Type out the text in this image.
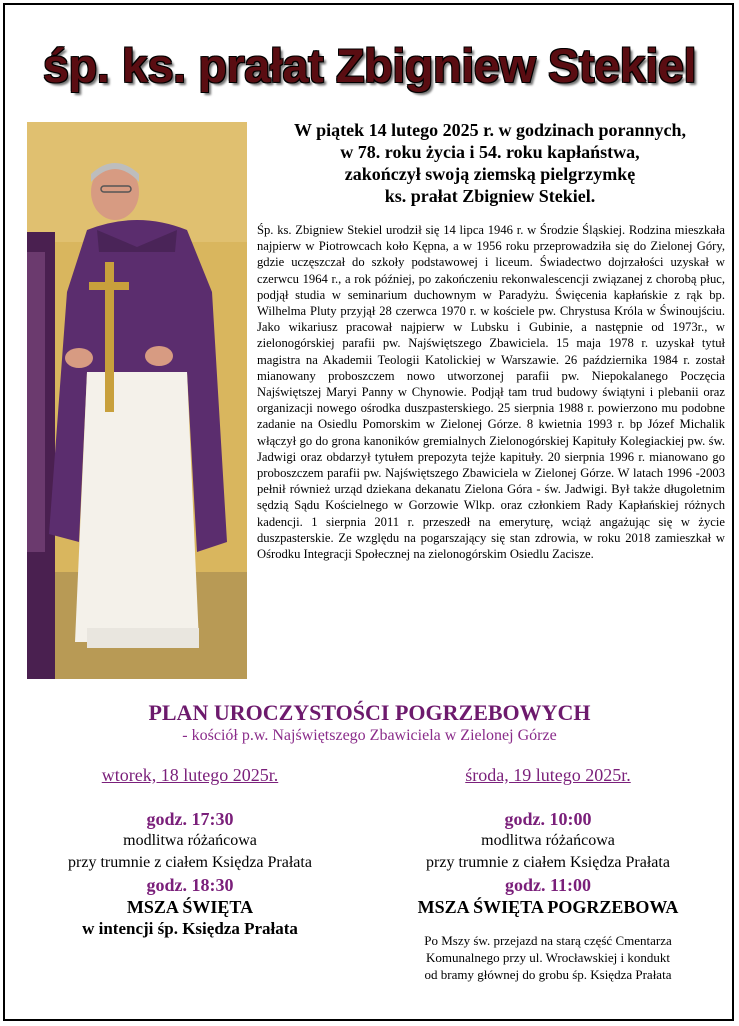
śp. ks. prałat Zbigniew Stekiel
W piątek 14 lutego 2025 r. w godzinach porannych,
w 78. roku życia i 54. roku kapłaństwa,
zakończył swoją ziemską pielgrzymkę
ks. prałat Zbigniew Stekiel.
Śp. ks. Zbigniew Stekiel urodził się 14 lipca 1946 r. w Środzie Śląskiej. Rodzina mieszkała najpierw w Piotrowcach koło Kępna, a w 1956 roku przeprowadziła się do Zielonej Góry, gdzie uczęszczał do szkoły podstawowej i liceum. Świadectwo dojrzałości uzyskał w czerwcu 1964 r., a rok później, po zakończeniu rekonwalescencji związanej z chorobą płuc, podjął studia w seminarium duchownym w Paradyżu. Święcenia kapłańskie z rąk bp. Wilhelma Pluty przyjął 28 czerwca 1970 r. w kościele pw. Chrystusa Króla w Świnoujściu. Jako wikariusz pracował najpierw w Lubsku i Gubinie, a następnie od 1973r., w zielonogórskiej parafii pw. Najświętszego Zbawiciela. 15 maja 1978 r. uzyskał tytuł magistra na Akademii Teologii Katolickiej w Warszawie. 26 października 1984 r. został mianowany proboszczem nowo utworzonej parafii pw. Niepokalanego Poczęcia Najświętszej Maryi Panny w Chynowie. Podjął tam trud budowy świątyni i plebanii oraz organizacji nowego ośrodka duszpasterskiego. 25 sierpnia 1988 r. powierzono mu podobne zadanie na Osiedlu Pomorskim w Zielonej Górze. 8 kwietnia 1993 r. bp Józef Michalik włączył go do grona kanoników gremialnych Zielonogórskiej Kapituły Kolegiackiej pw. św. Jadwigi oraz obdarzył tytułem prepozyta tejże kapituły. 20 sierpnia 1996 r. mianowano go proboszczem parafii pw. Najświętszego Zbawiciela w Zielonej Górze. W latach 1996 -2003 pełnił również urząd dziekana dekanatu Zielona Góra - św. Jadwigi. Był także długoletnim sędzią Sądu Kościelnego w Gorzowie Wlkp. oraz członkiem Rady Kapłańskiej różnych kadencji. 1 sierpnia 2011 r. przeszedł na emeryturę, wciąż angażując się w życie duszpasterskie. Ze względu na pogarszający się stan zdrowia, w roku 2018 zamieszkał w Ośrodku Integracji Społecznej na zielonogórskim Osiedlu Zacisze.
PLAN UROCZYSTOŚCI POGRZEBOWYCH
- kościół p.w. Najświętszego Zbawiciela w Zielonej Górze
wtorek, 18 lutego 2025r.
godz. 17:30
modlitwa różańcowa
przy trumnie z ciałem Księdza Prałata
godz. 18:30
MSZA ŚWIĘTA
w intencji śp. Księdza Prałata
środa, 19 lutego 2025r.
godz. 10:00
modlitwa różańcowa
przy trumnie z ciałem Księdza Prałata
godz. 11:00
MSZA ŚWIĘTA POGRZEBOWA
Po Mszy św. przejazd na starą część Cmentarza
Komunalnego przy ul. Wrocławskiej i kondukt
od bramy głównej do grobu śp. Księdza Prałata
